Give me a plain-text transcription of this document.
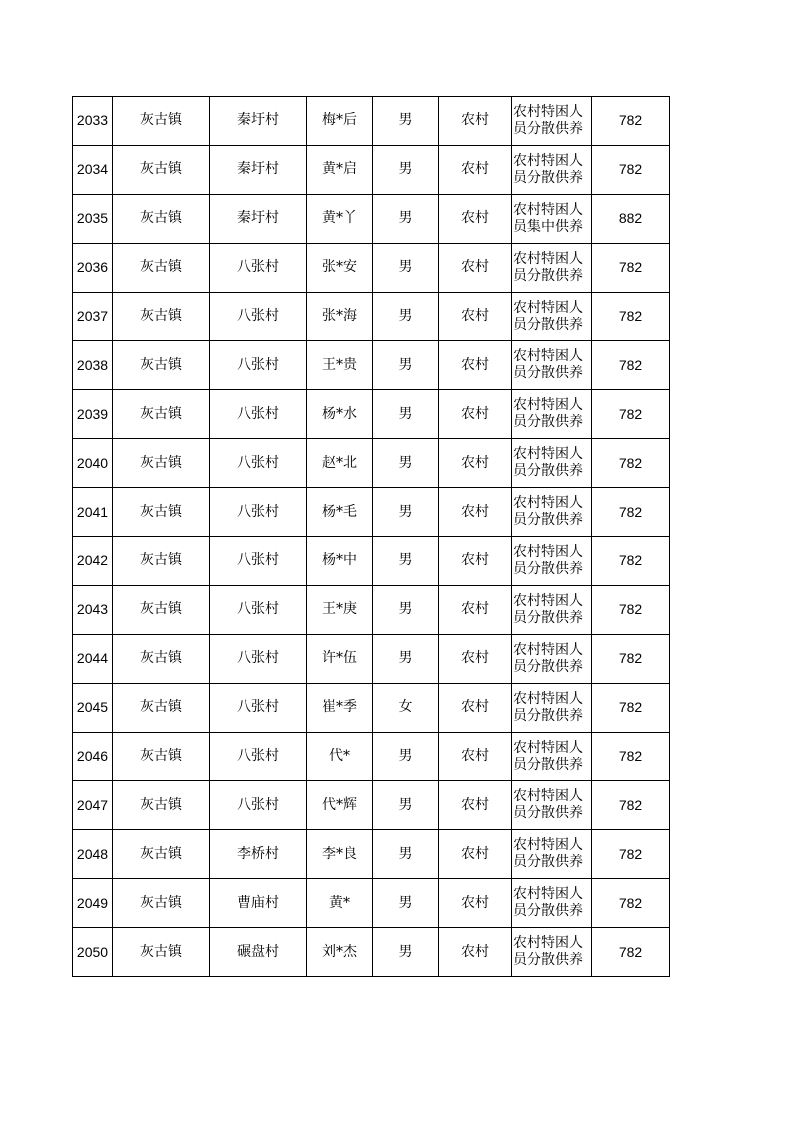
2033	灰古镇	秦圩村	梅*后	男	农村	农村特困人员分散供养	782
2034	灰古镇	秦圩村	黄*启	男	农村	农村特困人员分散供养	782
2035	灰古镇	秦圩村	黄*丫	男	农村	农村特困人员集中供养	882
2036	灰古镇	八张村	张*安	男	农村	农村特困人员分散供养	782
2037	灰古镇	八张村	张*海	男	农村	农村特困人员分散供养	782
2038	灰古镇	八张村	王*贵	男	农村	农村特困人员分散供养	782
2039	灰古镇	八张村	杨*水	男	农村	农村特困人员分散供养	782
2040	灰古镇	八张村	赵*北	男	农村	农村特困人员分散供养	782
2041	灰古镇	八张村	杨*毛	男	农村	农村特困人员分散供养	782
2042	灰古镇	八张村	杨*中	男	农村	农村特困人员分散供养	782
2043	灰古镇	八张村	王*庚	男	农村	农村特困人员分散供养	782
2044	灰古镇	八张村	许*伍	男	农村	农村特困人员分散供养	782
2045	灰古镇	八张村	崔*季	女	农村	农村特困人员分散供养	782
2046	灰古镇	八张村	代*	男	农村	农村特困人员分散供养	782
2047	灰古镇	八张村	代*辉	男	农村	农村特困人员分散供养	782
2048	灰古镇	李桥村	李*良	男	农村	农村特困人员分散供养	782
2049	灰古镇	曹庙村	黄*	男	农村	农村特困人员分散供养	782
2050	灰古镇	碾盘村	刘*杰	男	农村	农村特困人员分散供养	782
